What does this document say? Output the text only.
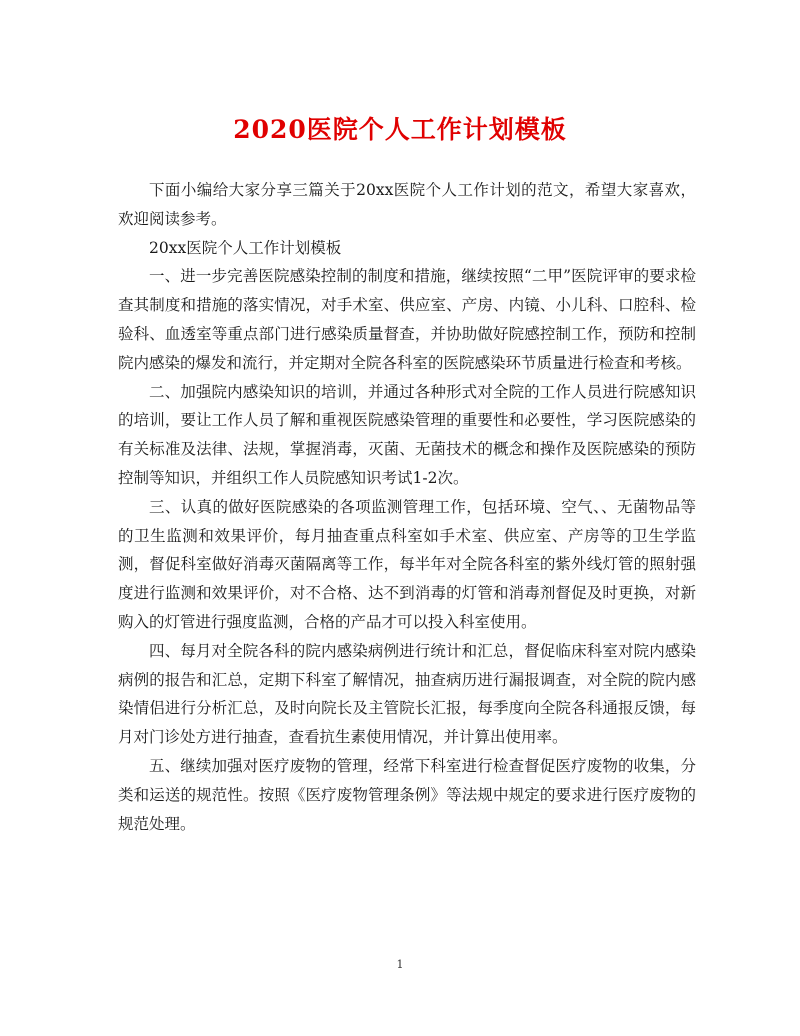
2020医院个人工作计划模板

下面小编给大家分享三篇关于20xx医院个人工作计划的范文，希望大家喜欢，欢迎阅读参考。

20xx医院个人工作计划模板

一、进一步完善医院感染控制的制度和措施，继续按照“二甲”医院评审的要求检查其制度和措施的落实情况，对手术室、供应室、产房、内镜、小儿科、口腔科、检验科、血透室等重点部门进行感染质量督查，并协助做好院感控制工作，预防和控制院内感染的爆发和流行，并定期对全院各科室的医院感染环节质量进行检查和考核。

二、加强院内感染知识的培训，并通过各种形式对全院的工作人员进行院感知识的培训，要让工作人员了解和重视医院感染管理的重要性和必要性，学习医院感染的有关标准及法律、法规，掌握消毒，灭菌、无菌技术的概念和操作及医院感染的预防控制等知识，并组织工作人员院感知识考试1-2次。

三、认真的做好医院感染的各项监测管理工作，包括环境、空气、、无菌物品等的卫生监测和效果评价，每月抽查重点科室如手术室、供应室、产房等的卫生学监测，督促科室做好消毒灭菌隔离等工作，每半年对全院各科室的紫外线灯管的照射强度进行监测和效果评价，对不合格、达不到消毒的灯管和消毒剂督促及时更换，对新购入的灯管进行强度监测，合格的产品才可以投入科室使用。

四、每月对全院各科的院内感染病例进行统计和汇总，督促临床科室对院内感染病例的报告和汇总，定期下科室了解情况，抽查病历进行漏报调查，对全院的院内感染情侣进行分析汇总，及时向院长及主管院长汇报，每季度向全院各科通报反馈，每月对门诊处方进行抽查，查看抗生素使用情况，并计算出使用率。

五、继续加强对医疗废物的管理，经常下科室进行检查督促医疗废物的收集，分类和运送的规范性。按照《医疗废物管理条例》等法规中规定的要求进行医疗废物的规范处理。

1
